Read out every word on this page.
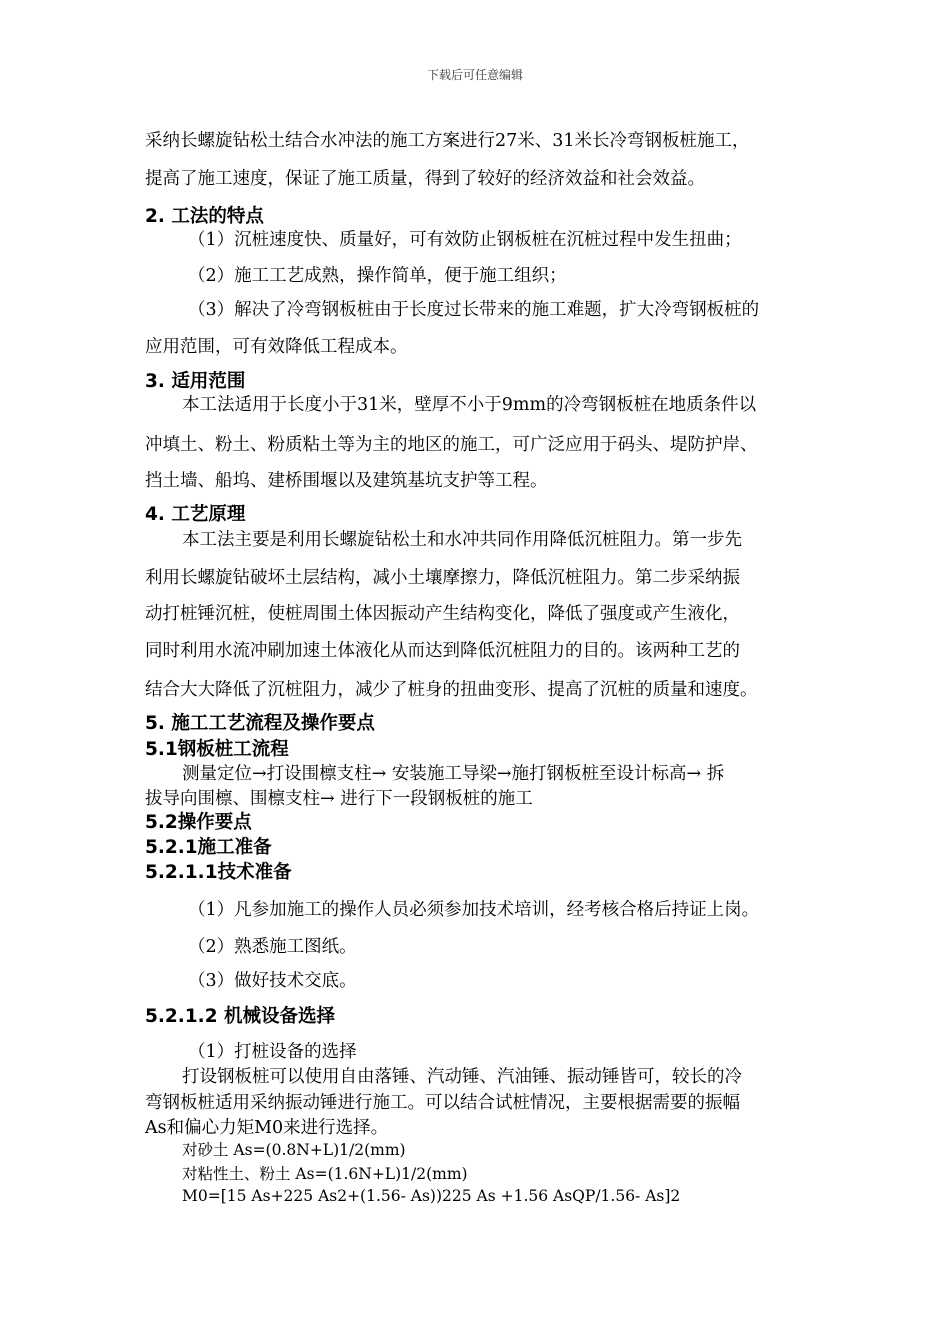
下载后可任意编辑
采纳长螺旋钻松土结合水冲法的施工方案进行27米、31米长冷弯钢板桩施工，
提高了施工速度，保证了施工质量，得到了较好的经济效益和社会效益。
2. 工法的特点
（1）沉桩速度快、质量好，可有效防止钢板桩在沉桩过程中发生扭曲；
（2）施工工艺成熟，操作简单，便于施工组织；
（3）解决了冷弯钢板桩由于长度过长带来的施工难题，扩大冷弯钢板桩的
应用范围，可有效降低工程成本。
3. 适用范围
本工法适用于长度小于31米，壁厚不小于9mm的冷弯钢板桩在地质条件以
冲填土、粉土、粉质粘土等为主的地区的施工，可广泛应用于码头、堤防护岸、
挡土墙、船坞、建桥围堰以及建筑基坑支护等工程。
4. 工艺原理
本工法主要是利用长螺旋钻松土和水冲共同作用降低沉桩阻力。第一步先
利用长螺旋钻破坏土层结构，减小土壤摩擦力，降低沉桩阻力。第二步采纳振
动打桩锤沉桩，使桩周围土体因振动产生结构变化，降低了强度或产生液化，
同时利用水流冲刷加速土体液化从而达到降低沉桩阻力的目的。该两种工艺的
结合大大降低了沉桩阻力，减少了桩身的扭曲变形、提高了沉桩的质量和速度。
5. 施工工艺流程及操作要点
5.1钢板桩工流程
测量定位→打设围檩支柱→ 安装施工导梁→施打钢板桩至设计标高→ 拆
拔导向围檩、围檩支柱→ 进行下一段钢板桩的施工
5.2操作要点
5.2.1施工准备
5.2.1.1技术准备
（1）凡参加施工的操作人员必须参加技术培训，经考核合格后持证上岗。
（2）熟悉施工图纸。
（3）做好技术交底。
5.2.1.2 机械设备选择
（1）打桩设备的选择
打设钢板桩可以使用自由落锤、汽动锤、汽油锤、振动锤皆可，较长的冷
弯钢板桩适用采纳振动锤进行施工。可以结合试桩情况，主要根据需要的振幅
As和偏心力矩M0来进行选择。
对砂土 As=(0.8N+L)1/2(mm)
对粘性土、粉土 As=(1.6N+L)1/2(mm)
M0=[15 As+225 As2+(1.56- As))225 As +1.56 AsQP/1.56- As]2
